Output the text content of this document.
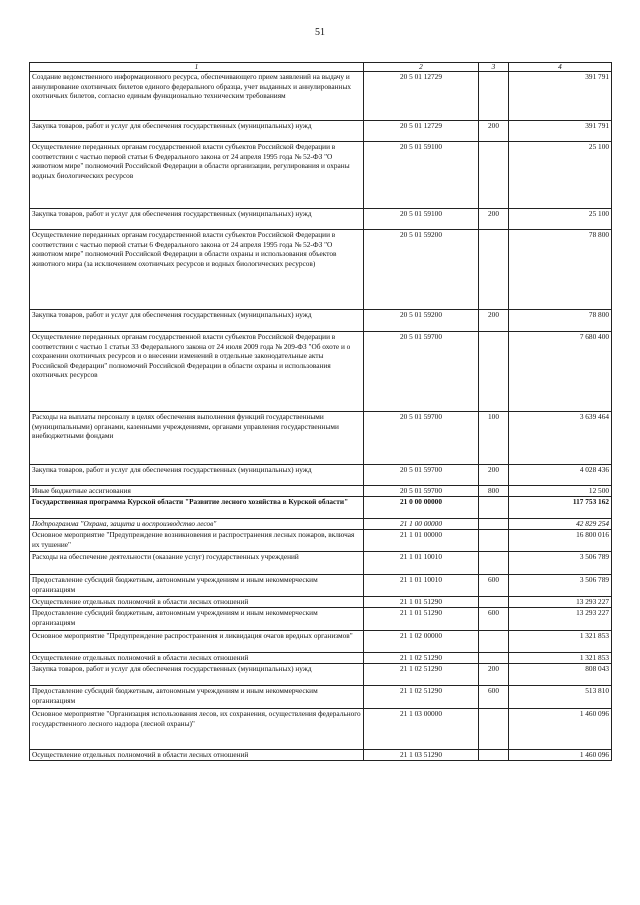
51
1	2	3	4
Создание ведомственного информационного ресурса, обеспечивающего прием заявлений на выдачу и аннулирование охотничьих билетов единого федерального образца, учет выданных и аннулированных охотничьих билетов, согласно единым функционально техническим требованиям	20 5 01 12729		391 791
Закупка товаров, работ и услуг для обеспечения государственных (муниципальных) нужд	20 5 01 12729	200	391 791
Осуществление переданных органам государственной власти субъектов Российской Федерации в соответствии с частью первой статьи 6 Федерального закона от 24 апреля 1995 года № 52-ФЗ "О животном мире" полномочий Российской Федерации в области организации, регулирования и охраны водных биологических ресурсов	20 5 01 59100		25 100
Закупка товаров, работ и услуг для обеспечения государственных (муниципальных) нужд	20 5 01 59100	200	25 100
Осуществление переданных органам государственной власти субъектов Российской Федерации в соответствии с частью первой статьи 6 Федерального закона от 24 апреля 1995 года № 52-ФЗ "О животном мире" полномочий Российской Федерации в области охраны и использования объектов животного мира (за исключением охотничьих ресурсов и водных биологических ресурсов)	20 5 01 59200		78 800
Закупка товаров, работ и услуг для обеспечения государственных (муниципальных) нужд	20 5 01 59200	200	78 800
Осуществление переданных органам государственной власти субъектов Российской Федерации в соответствии с частью 1 статьи 33 Федерального закона от 24 июля 2009 года № 209-ФЗ "Об охоте и о сохранении охотничьих ресурсов и о внесении изменений в отдельные законодательные акты Российской Федерации" полномочий Российской Федерации в области охраны и использования охотничьих ресурсов	20 5 01 59700		7 680 400
Расходы на выплаты персоналу в целях обеспечения выполнения функций государственными (муниципальными) органами, казенными учреждениями, органами управления государственными внебюджетными фондами	20 5 01 59700	100	3 639 464
Закупка товаров, работ и услуг для обеспечения государственных (муниципальных) нужд	20 5 01 59700	200	4 028 436
Иные бюджетные ассигнования	20 5 01 59700	800	12 500
Государственная программа Курской области "Развитие лесного хозяйства в Курской области"	21 0 00 00000		117 753 162
Подпрограмма "Охрана, защита и воспроизводство лесов"	21 1 00 00000		42 829 254
Основное мероприятие "Предупреждение возникновения и распространения лесных пожаров, включая их тушение"	21 1 01 00000		16 800 016
Расходы на обеспечение деятельности (оказание услуг) государственных учреждений	21 1 01 10010		3 506 789
Предоставление субсидий бюджетным, автономным учреждениям и иным некоммерческим организациям	21 1 01 10010	600	3 506 789
Осуществление отдельных полномочий в области лесных отношений	21 1 01 51290		13 293 227
Предоставление субсидий бюджетным, автономным учреждениям и иным некоммерческим организациям	21 1 01 51290	600	13 293 227
Основное мероприятие "Предупреждение распространения и ликвидация очагов вредных организмов"	21 1 02 00000		1 321 853
Осуществление отдельных полномочий в области лесных отношений	21 1 02 51290		1 321 853
Закупка товаров, работ и услуг для обеспечения государственных (муниципальных) нужд	21 1 02 51290	200	808 043
Предоставление субсидий бюджетным, автономным учреждениям и иным некоммерческим организациям	21 1 02 51290	600	513 810
Основное мероприятие "Организация использования лесов, их сохранения, осуществления федерального государственного лесного надзора (лесной охраны)"	21 1 03 00000		1 460 096
Осуществление отдельных полномочий в области лесных отношений	21 1 03 51290		1 460 096
